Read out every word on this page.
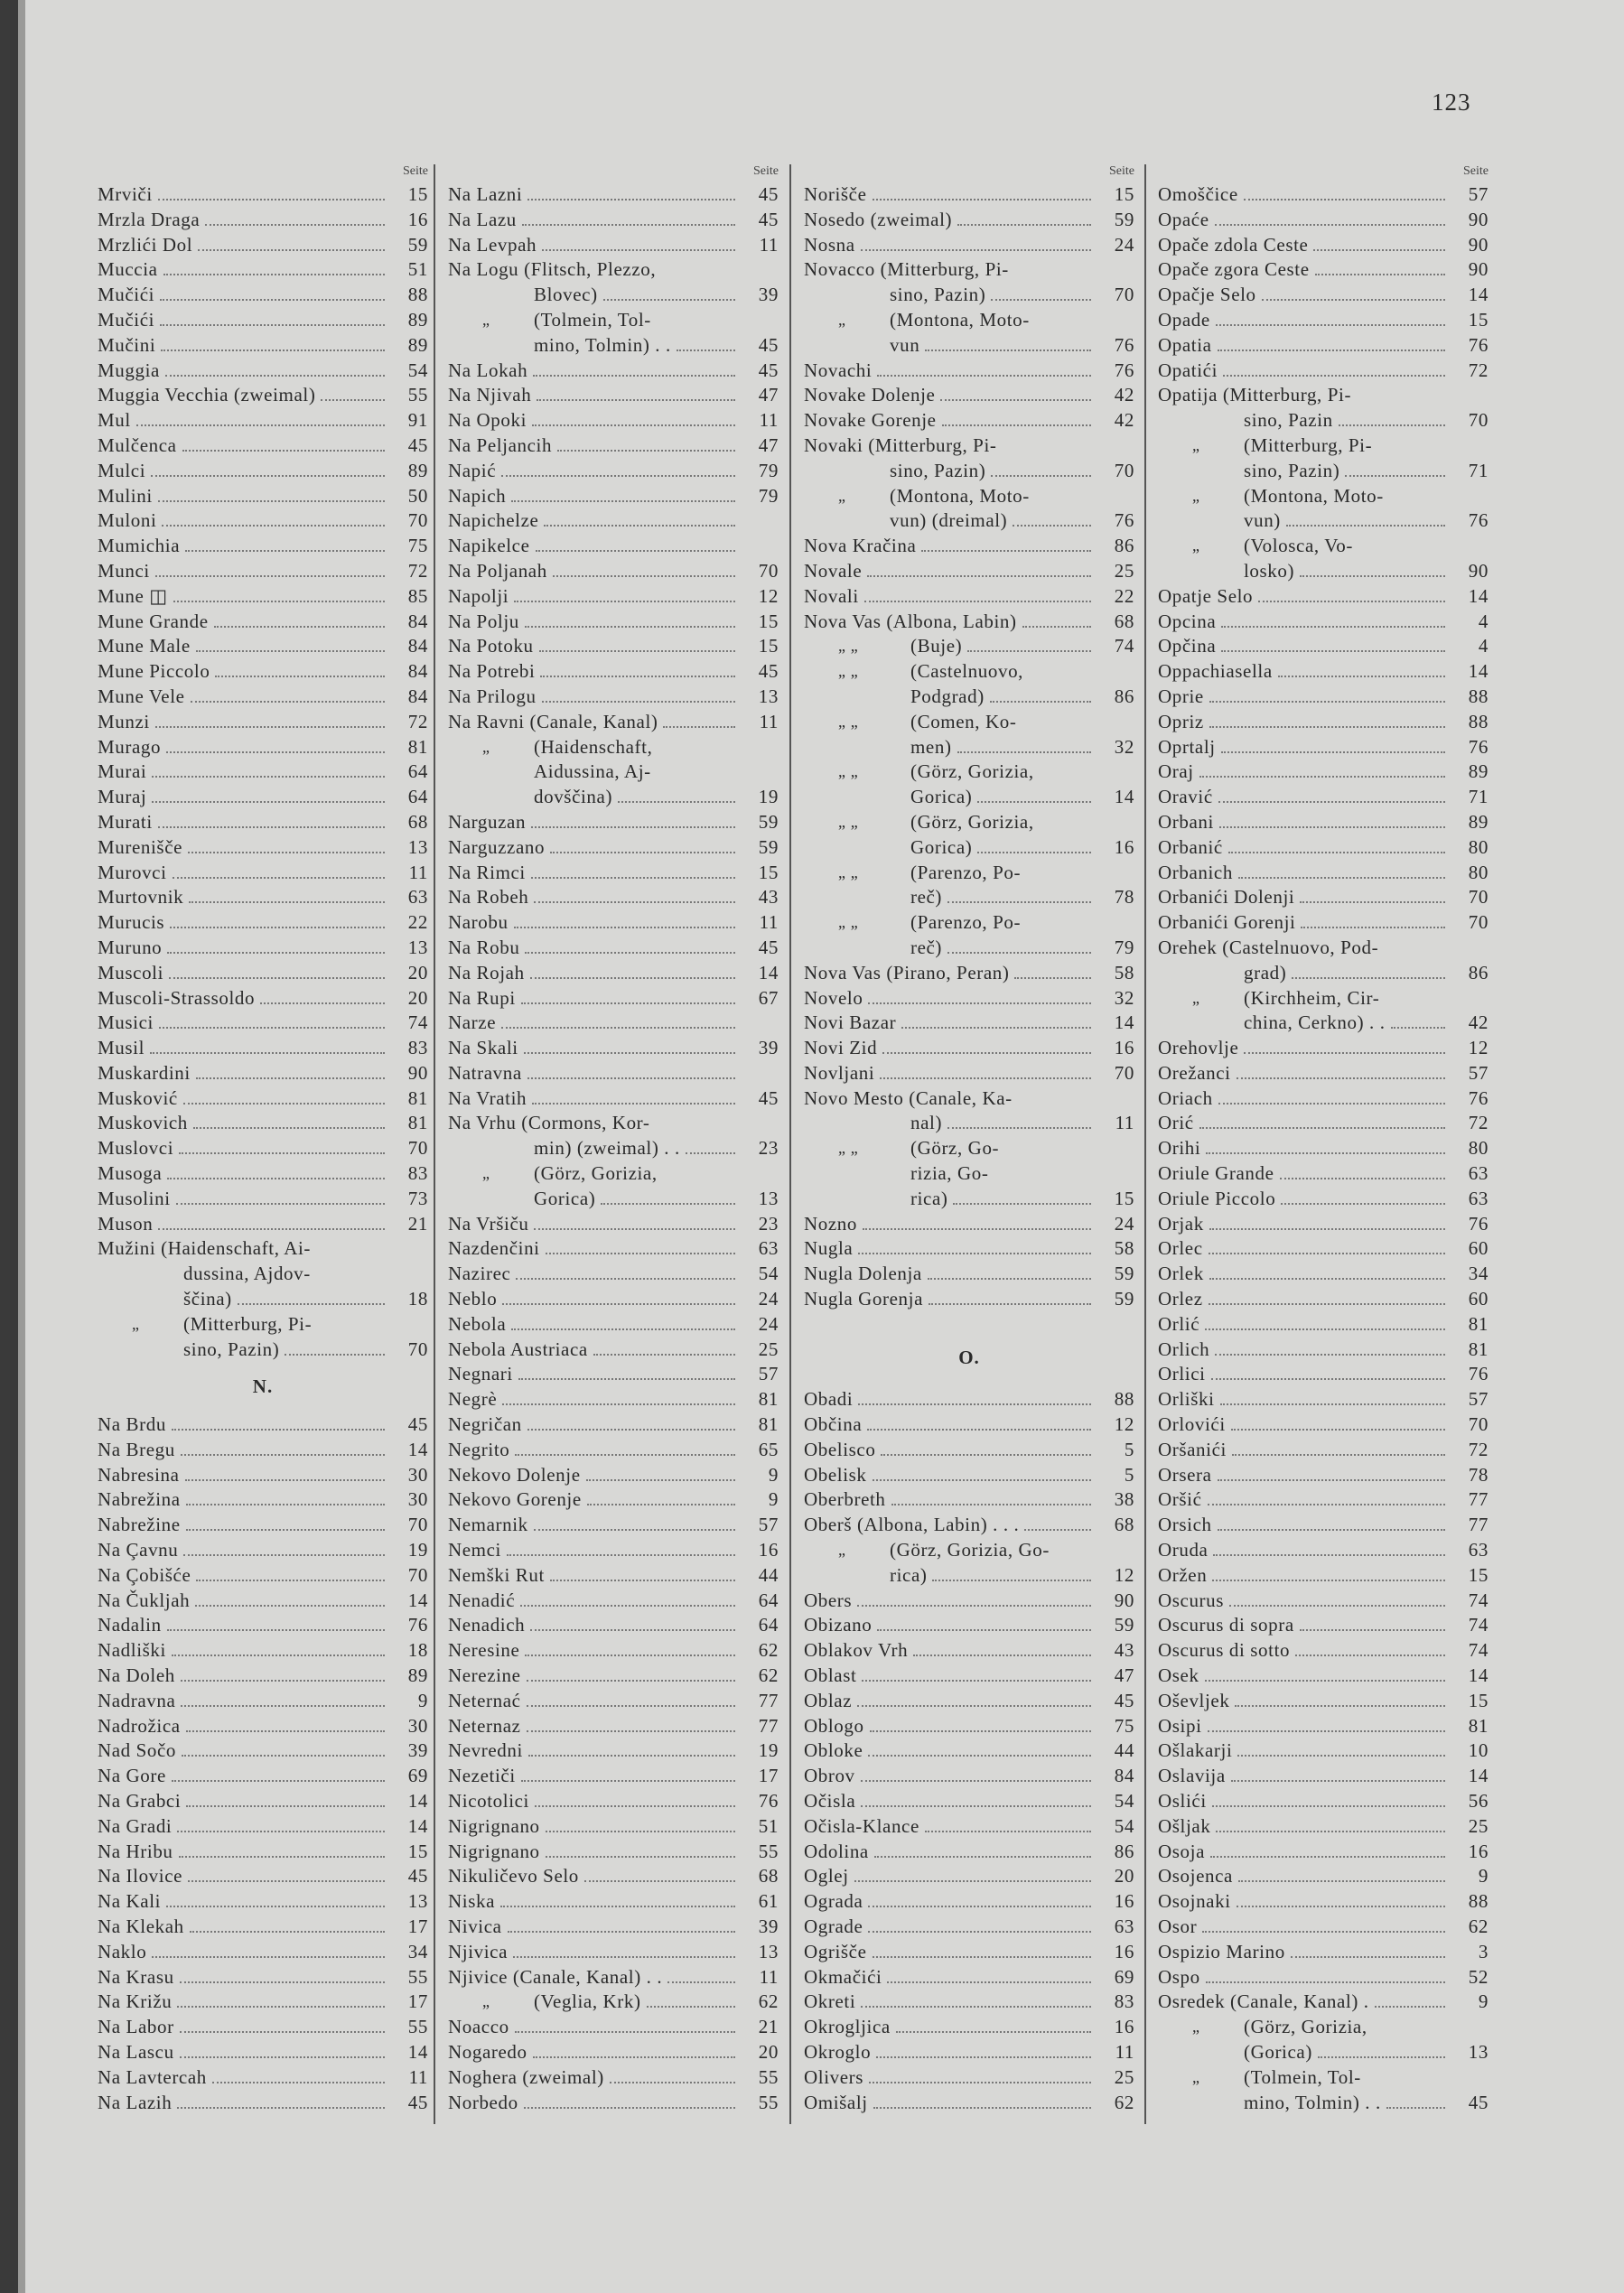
123
Seite
Mrviči	15
Mrzla Draga	16
Mrzlići Dol	59
Muccia	51
Mučići	88
Mučići	89
Mučini	89
Muggia	54
Muggia Vecchia (zweimal)	55
Mul	91
Mulčenca	45
Mulci	89
Mulini	50
Muloni	70
Mumichia	75
Munci	72
Mune ◫	85
Mune Grande	84
Mune Male	84
Mune Piccolo	84
Mune Vele	84
Munzi	72
Murago	81
Murai	64
Muraj	64
Murati	68
Murenišče	13
Murovci	11
Murtovnik	63
Murucis	22
Muruno	13
Muscoli	20
Muscoli-Strassoldo	20
Musici	74
Musil	83
Muskardini	90
Musković	81
Muskovich	81
Muslovci	70
Musoga	83
Musolini	73
Muson	21
Mužini (Haidenschaft, Ai-
dussina, Ajdov-
ščina)	18
„	(Mitterburg, Pi-
sino, Pazin)	70
N.
Na Brdu	45
Na Bregu	14
Nabresina	30
Nabrežina	30
Nabrežine	70
Na Çavnu	19
Na Çobišće	70
Na Čukljah	14
Nadalin	76
Nadliški	18
Na Doleh	89
Nadravna	9
Nadrožica	30
Nad Sočo	39
Na Gore	69
Na Grabci	14
Na Gradi	14
Na Hribu	15
Na Ilovice	45
Na Kali	13
Na Klekah	17
Naklo	34
Na Krasu	55
Na Križu	17
Na Labor	55
Na Lascu	14
Na Lavtercah	11
Na Lazih	45
Seite
Na Lazni	45
Na Lazu	45
Na Levpah	11
Na Logu (Flitsch, Plezzo,
Blovec)	39
„	(Tolmein, Tol-
mino, Tolmin) . .	45
Na Lokah	45
Na Njivah	47
Na Opoki	11
Na Peljancih	47
Napić	79
Napich	79
Napichelze
Napikelce
Na Poljanah	70
Napolji	12
Na Polju	15
Na Potoku	15
Na Potrebi	45
Na Prilogu	13
Na Ravni (Canale, Kanal)	11
„	(Haidenschaft,
Aidussina, Aj-
dovščina)	19
Narguzan	59
Narguzzano	59
Na Rimci	15
Na Robeh	43
Narobu	11
Na Robu	45
Na Rojah	14
Na Rupi	67
Narze
Na Skali	39
Natravna
Na Vratih	45
Na Vrhu (Cormons, Kor-
min) (zweimal) . .	23
„	(Görz, Gorizia,
Gorica)	13
Na Vršiču	23
Nazdenčini	63
Nazirec	54
Neblo	24
Nebola	24
Nebola Austriaca	25
Negnari	57
Negrè	81
Negričan	81
Negrito	65
Nekovo Dolenje	9
Nekovo Gorenje	9
Nemarnik	57
Nemci	16
Nemški Rut	44
Nenadić	64
Nenadich	64
Neresine	62
Nerezine	62
Neternać	77
Neternaz	77
Nevredni	19
Nezetiči	17
Nicotolici	76
Nigrignano	51
Nigrignano	55
Nikuličevo Selo	68
Niska	61
Nivica	39
Njivica	13
Njivice (Canale, Kanal) . .	11
„	(Veglia, Krk)	62
Noacco	21
Nogaredo	20
Noghera (zweimal)	55
Norbedo	55
Seite
Norišče	15
Nosedo (zweimal)	59
Nosna	24
Novacco (Mitterburg, Pi-
sino, Pazin)	70
„	(Montona, Moto-
vun	76
Novachi	76
Novake Dolenje	42
Novake Gorenje	42
Novaki (Mitterburg, Pi-
sino, Pazin)	70
„	(Montona, Moto-
vun) (dreimal)	76
Nova Kračina	86
Novale	25
Novali	22
Nova Vas (Albona, Labin)	68
„ „	(Buje)	74
„ „	(Castelnuovo,
Podgrad)	86
„ „	(Comen, Ko-
men)	32
„ „	(Görz, Gorizia,
Gorica)	14
„ „	(Görz, Gorizia,
Gorica)	16
„ „	(Parenzo, Po-
reč)	78
„ „	(Parenzo, Po-
reč)	79
Nova Vas (Pirano, Peran)	58
Novelo	32
Novi Bazar	14
Novi Zid	16
Novljani	70
Novo Mesto (Canale, Ka-
nal)	11
„ „	(Görz, Go-
rizia, Go-
rica)	15
Nozno	24
Nugla	58
Nugla Dolenja	59
Nugla Gorenja	59
O.
Obadi	88
Občina	12
Obelisco	5
Obelisk	5
Oberbreth	38
Oberš (Albona, Labin) . . .	68
„	(Görz, Gorizia, Go-
rica)	12
Obers	90
Obizano	59
Oblakov Vrh	43
Oblast	47
Oblaz	45
Oblogo	75
Obloke	44
Obrov	84
Očisla	54
Očisla-Klance	54
Odolina	86
Oglej	20
Ograda	16
Ograde	63
Ogrišče	16
Okmačići	69
Okreti	83
Okrogljica	16
Okroglo	11
Olivers	25
Omišalj	62
Seite
Omoščice	57
Opaće	90
Opače zdola Ceste	90
Opače zgora Ceste	90
Opačje Selo	14
Opade	15
Opatia	76
Opatići	72
Opatija (Mitterburg, Pi-
sino, Pazin	70
„	(Mitterburg, Pi-
sino, Pazin)	71
„	(Montona, Moto-
vun)	76
„	(Volosca, Vo-
losko)	90
Opatje Selo	14
Opcina	4
Opčina	4
Oppachiasella	14
Oprie	88
Opriz	88
Oprtalj	76
Oraj	89
Oravić	71
Orbani	89
Orbanić	80
Orbanich	80
Orbanići Dolenji	70
Orbanići Gorenji	70
Orehek (Castelnuovo, Pod-
grad)	86
„	(Kirchheim, Cir-
china, Cerkno) . .	42
Orehovlje	12
Orežanci	57
Oriach	76
Orić	72
Orihi	80
Oriule Grande	63
Oriule Piccolo	63
Orjak	76
Orlec	60
Orlek	34
Orlez	60
Orlić	81
Orlich	81
Orlici	76
Orliški	57
Orlovići	70
Oršanići	72
Orsera	78
Oršić	77
Orsich	77
Oruda	63
Oržen	15
Oscurus	74
Oscurus di sopra	74
Oscurus di sotto	74
Osek	14
Oševljek	15
Osipi	81
Ošlakarji	10
Oslavija	14
Oslići	56
Ošljak	25
Osoja	16
Osojenca	9
Osojnaki	88
Osor	62
Ospizio Marino	3
Ospo	52
Osredek (Canale, Kanal) .	9
„	(Görz, Gorizia,
(Gorica)	13
„	(Tolmein, Tol-
mino, Tolmin) . .	45
